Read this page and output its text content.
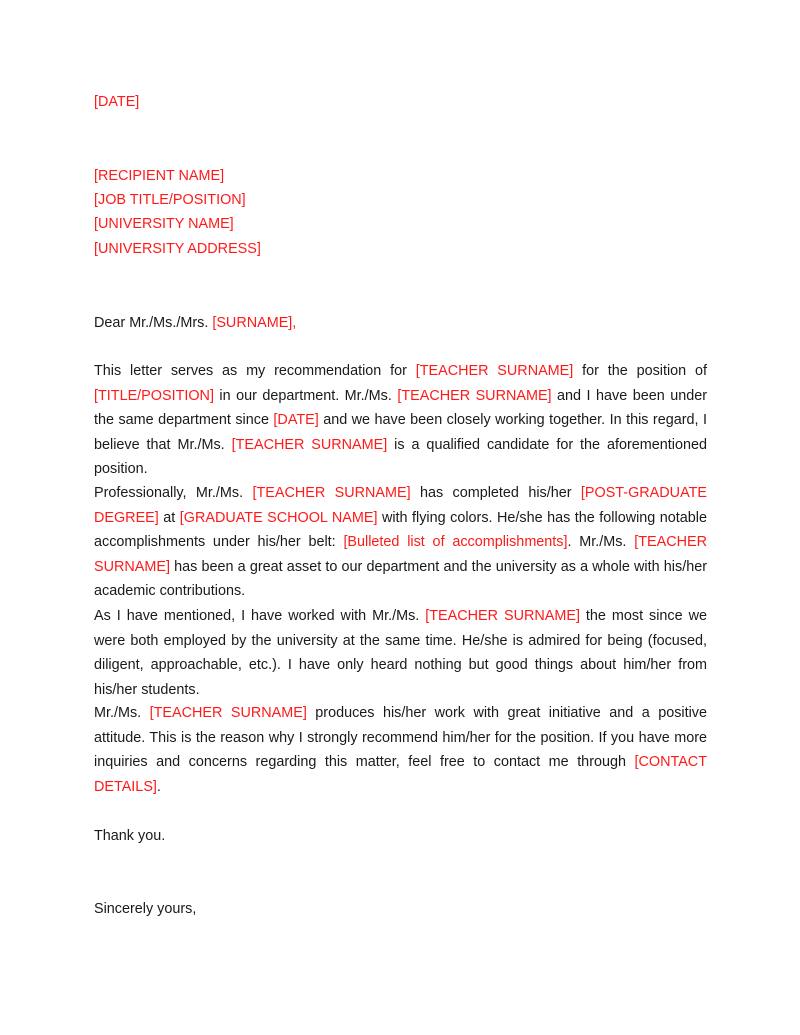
[DATE]
[RECIPIENT NAME]
[JOB TITLE/POSITION]
[UNIVERSITY NAME]
[UNIVERSITY ADDRESS]
Dear Mr./Ms./Mrs. [SURNAME],

This letter serves as my recommendation for [TEACHER SURNAME] for the position of [TITLE/POSITION] in our department. Mr./Ms. [TEACHER SURNAME] and I have been under the same department since [DATE] and we have been closely working together. In this regard, I believe that Mr./Ms. [TEACHER SURNAME] is a qualified candidate for the aforementioned position.

Professionally, Mr./Ms. [TEACHER SURNAME] has completed his/her [POST-GRADUATE DEGREE] at [GRADUATE SCHOOL NAME] with flying colors. He/she has the following notable accomplishments under his/her belt: [Bulleted list of accomplishments]. Mr./Ms. [TEACHER SURNAME] has been a great asset to our department and the university as a whole with his/her academic contributions.

As I have mentioned, I have worked with Mr./Ms. [TEACHER SURNAME] the most since we were both employed by the university at the same time. He/she is admired for being (focused, diligent, approachable, etc.). I have only heard nothing but good things about him/her from his/her students.

Mr./Ms. [TEACHER SURNAME] produces his/her work with great initiative and a positive attitude. This is the reason why I strongly recommend him/her for the position. If you have more inquiries and concerns regarding this matter, feel free to contact me through [CONTACT DETAILS].

Thank you.
Sincerely yours,
